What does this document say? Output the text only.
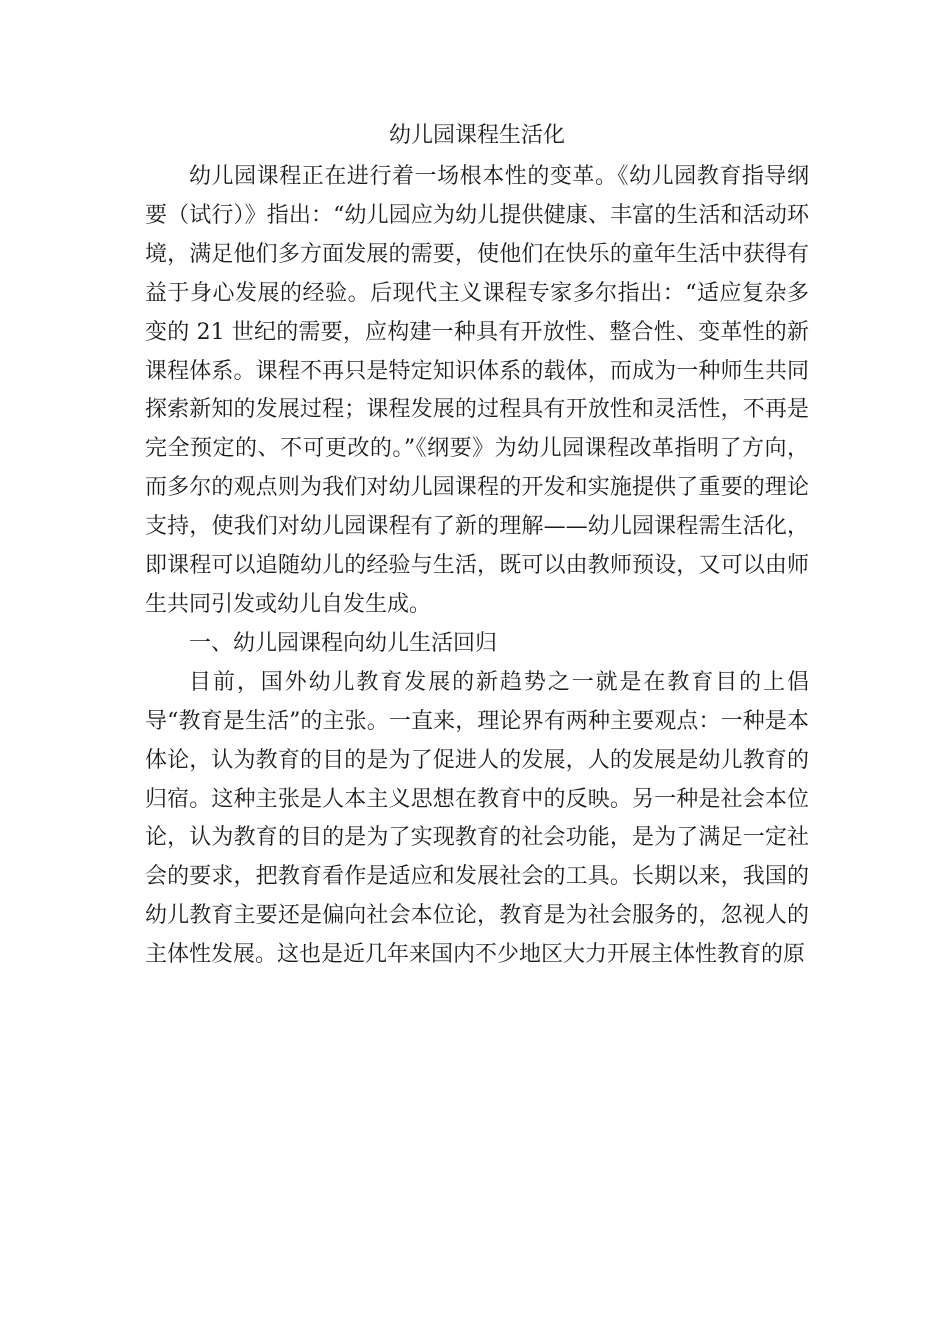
幼儿园课程生活化

幼儿园课程正在进行着一场根本性的变革。《幼儿园教育指导纲要（试行）》指出：“幼儿园应为幼儿提供健康、丰富的生活和活动环境，满足他们多方面发展的需要，使他们在快乐的童年生活中获得有益于身心发展的经验。后现代主义课程专家多尔指出：“适应复杂多变的 21 世纪的需要，应构建一种具有开放性、整合性、变革性的新课程体系。课程不再只是特定知识体系的载体，而成为一种师生共同探索新知的发展过程；课程发展的过程具有开放性和灵活性，不再是完全预定的、不可更改的。”《纲要》为幼儿园课程改革指明了方向，而多尔的观点则为我们对幼儿园课程的开发和实施提供了重要的理论支持，使我们对幼儿园课程有了新的理解——幼儿园课程需生活化，即课程可以追随幼儿的经验与生活，既可以由教师预设，又可以由师生共同引发或幼儿自发生成。

一、幼儿园课程向幼儿生活回归

目前，国外幼儿教育发展的新趋势之一就是在教育目的上倡导“教育是生活”的主张。一直来，理论界有两种主要观点：一种是本体论，认为教育的目的是为了促进人的发展，人的发展是幼儿教育的归宿。这种主张是人本主义思想在教育中的反映。另一种是社会本位论，认为教育的目的是为了实现教育的社会功能，是为了满足一定社会的要求，把教育看作是适应和发展社会的工具。长期以来，我国的幼儿教育主要还是偏向社会本位论，教育是为社会服务的，忽视人的主体性发展。这也是近几年来国内不少地区大力开展主体性教育的原
